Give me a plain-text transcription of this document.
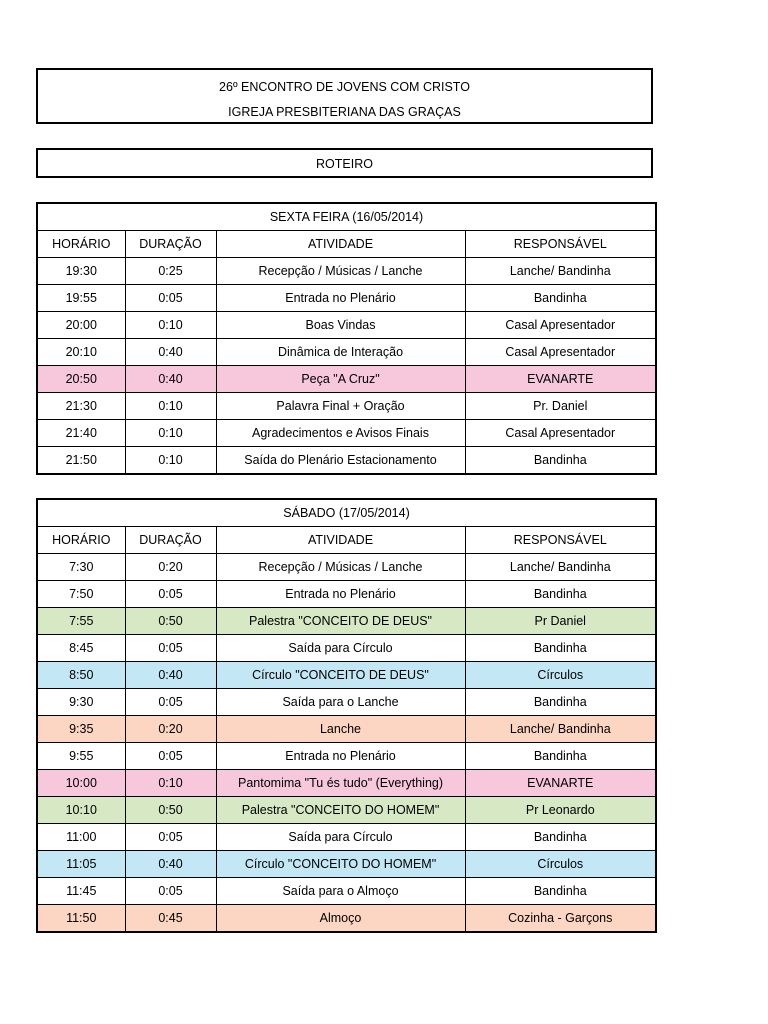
26º ENCONTRO DE JOVENS COM CRISTO
IGREJA PRESBITERIANA DAS GRAÇAS
ROTEIRO
SEXTA FEIRA (16/05/2014)			
HORÁRIO	DURAÇÃO	ATIVIDADE	RESPONSÁVEL
19:30	0:25	Recepção / Músicas / Lanche	Lanche/ Bandinha
19:55	0:05	Entrada no Plenário	Bandinha
20:00	0:10	Boas Vindas	Casal Apresentador
20:10	0:40	Dinâmica de Interação	Casal Apresentador
20:50	0:40	Peça "A Cruz"	EVANARTE
21:30	0:10	Palavra Final + Oração	Pr. Daniel
21:40	0:10	Agradecimentos e Avisos Finais	Casal Apresentador
21:50	0:10	Saída do Plenário Estacionamento	Bandinha
SÁBADO (17/05/2014)			
HORÁRIO	DURAÇÃO	ATIVIDADE	RESPONSÁVEL
7:30	0:20	Recepção / Músicas / Lanche	Lanche/ Bandinha
7:50	0:05	Entrada no Plenário	Bandinha
7:55	0:50	Palestra "CONCEITO DE DEUS"	Pr Daniel
8:45	0:05	Saída para Círculo	Bandinha
8:50	0:40	Círculo "CONCEITO DE DEUS"	Círculos
9:30	0:05	Saída para o Lanche	Bandinha
9:35	0:20	Lanche	Lanche/ Bandinha
9:55	0:05	Entrada no Plenário	Bandinha
10:00	0:10	Pantomima "Tu és tudo" (Everything)	EVANARTE
10:10	0:50	Palestra "CONCEITO DO HOMEM"	Pr Leonardo
11:00	0:05	Saída para Círculo	Bandinha
11:05	0:40	Círculo "CONCEITO DO HOMEM"	Círculos
11:45	0:05	Saída para o Almoço	Bandinha
11:50	0:45	Almoço	Cozinha - Garçons
